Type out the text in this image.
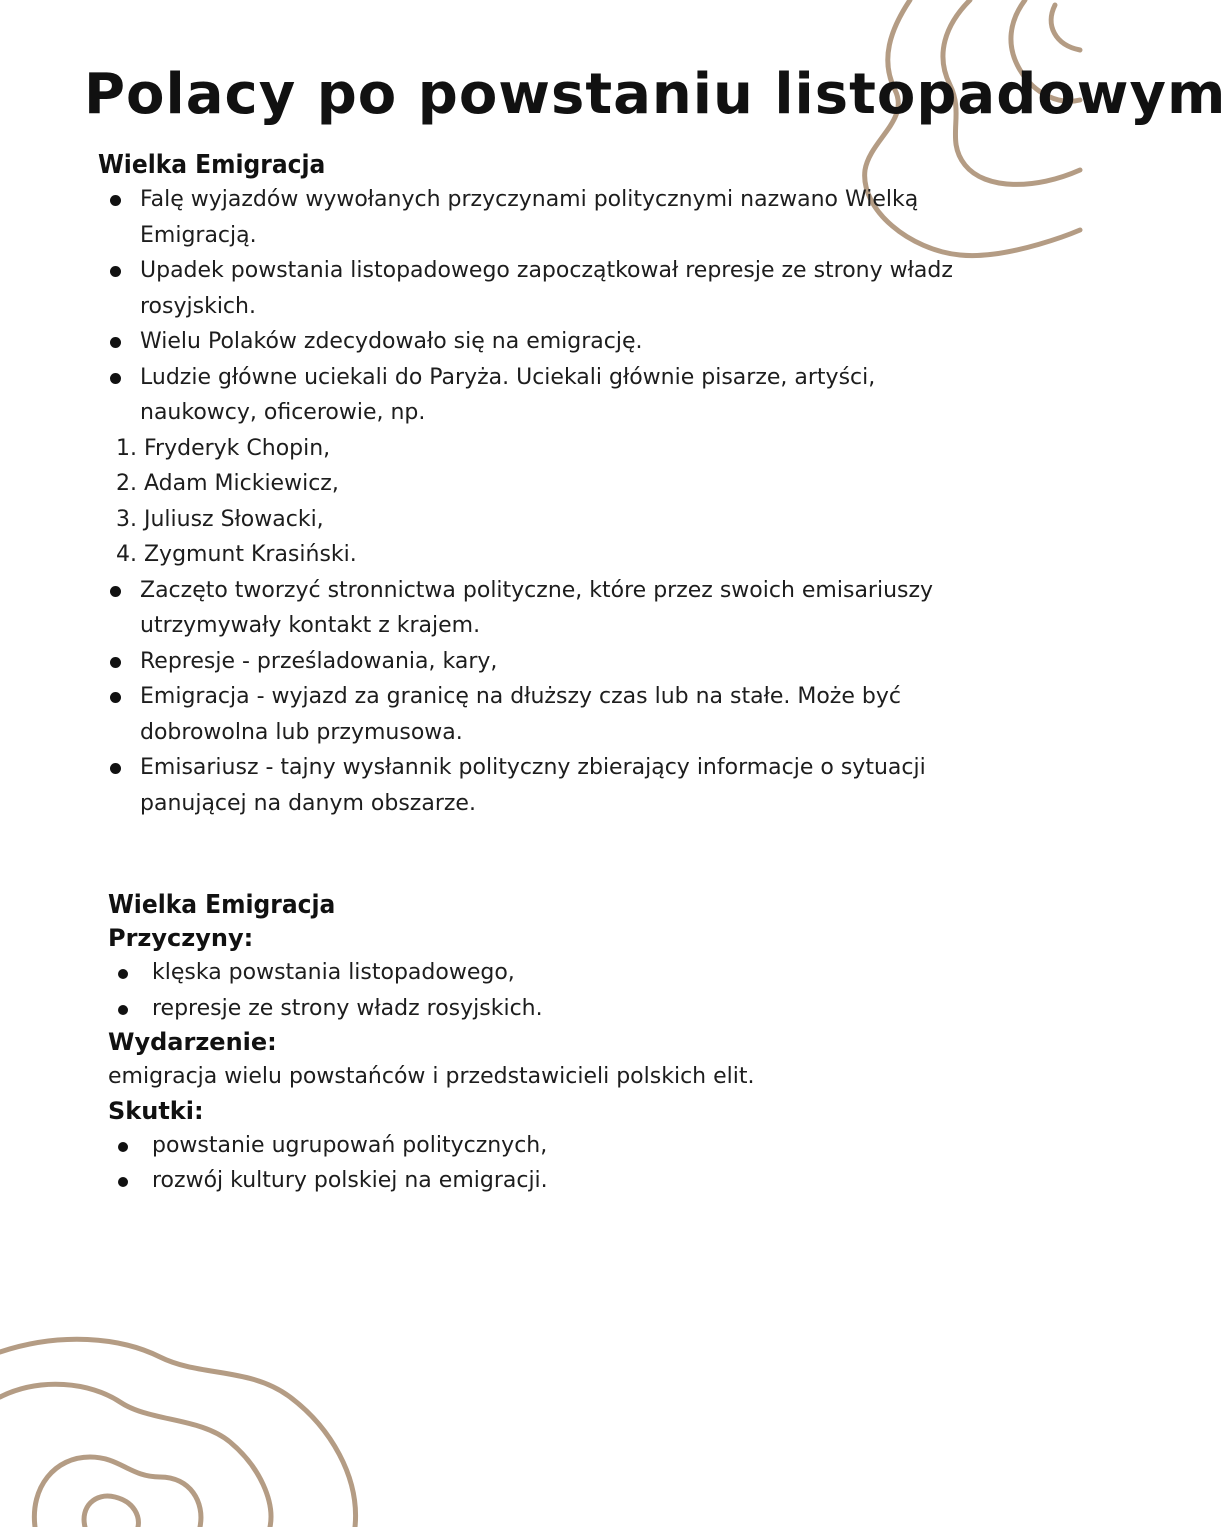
Polacy po powstaniu listopadowym
Wielka Emigracja
Falę wyjazdów wywołanych przyczynami politycznymi nazwano Wielką Emigracją.
Upadek powstania listopadowego zapoczątkował represje ze strony władz rosyjskich.
Wielu Polaków zdecydowało się na emigrację.
Ludzie główne uciekali do Paryża. Uciekali głównie pisarze, artyści, naukowcy, oficerowie, np.
1. Fryderyk Chopin,
2. Adam Mickiewicz,
3. Juliusz Słowacki,
4. Zygmunt Krasiński.
Zaczęto tworzyć stronnictwa polityczne, które przez swoich emisariuszy utrzymywały kontakt z krajem.
Represje - prześladowania, kary,
Emigracja - wyjazd za granicę na dłuższy czas lub na stałe. Może być dobrowolna lub przymusowa.
Emisariusz - tajny wysłannik polityczny zbierający informacje o sytuacji panującej na danym obszarze.
Wielka Emigracja
Przyczyny:
klęska powstania listopadowego,
represje ze strony władz rosyjskich.
Wydarzenie:
emigracja wielu powstańców i przedstawicieli polskich elit.
Skutki:
powstanie ugrupowań politycznych,
rozwój kultury polskiej na emigracji.
